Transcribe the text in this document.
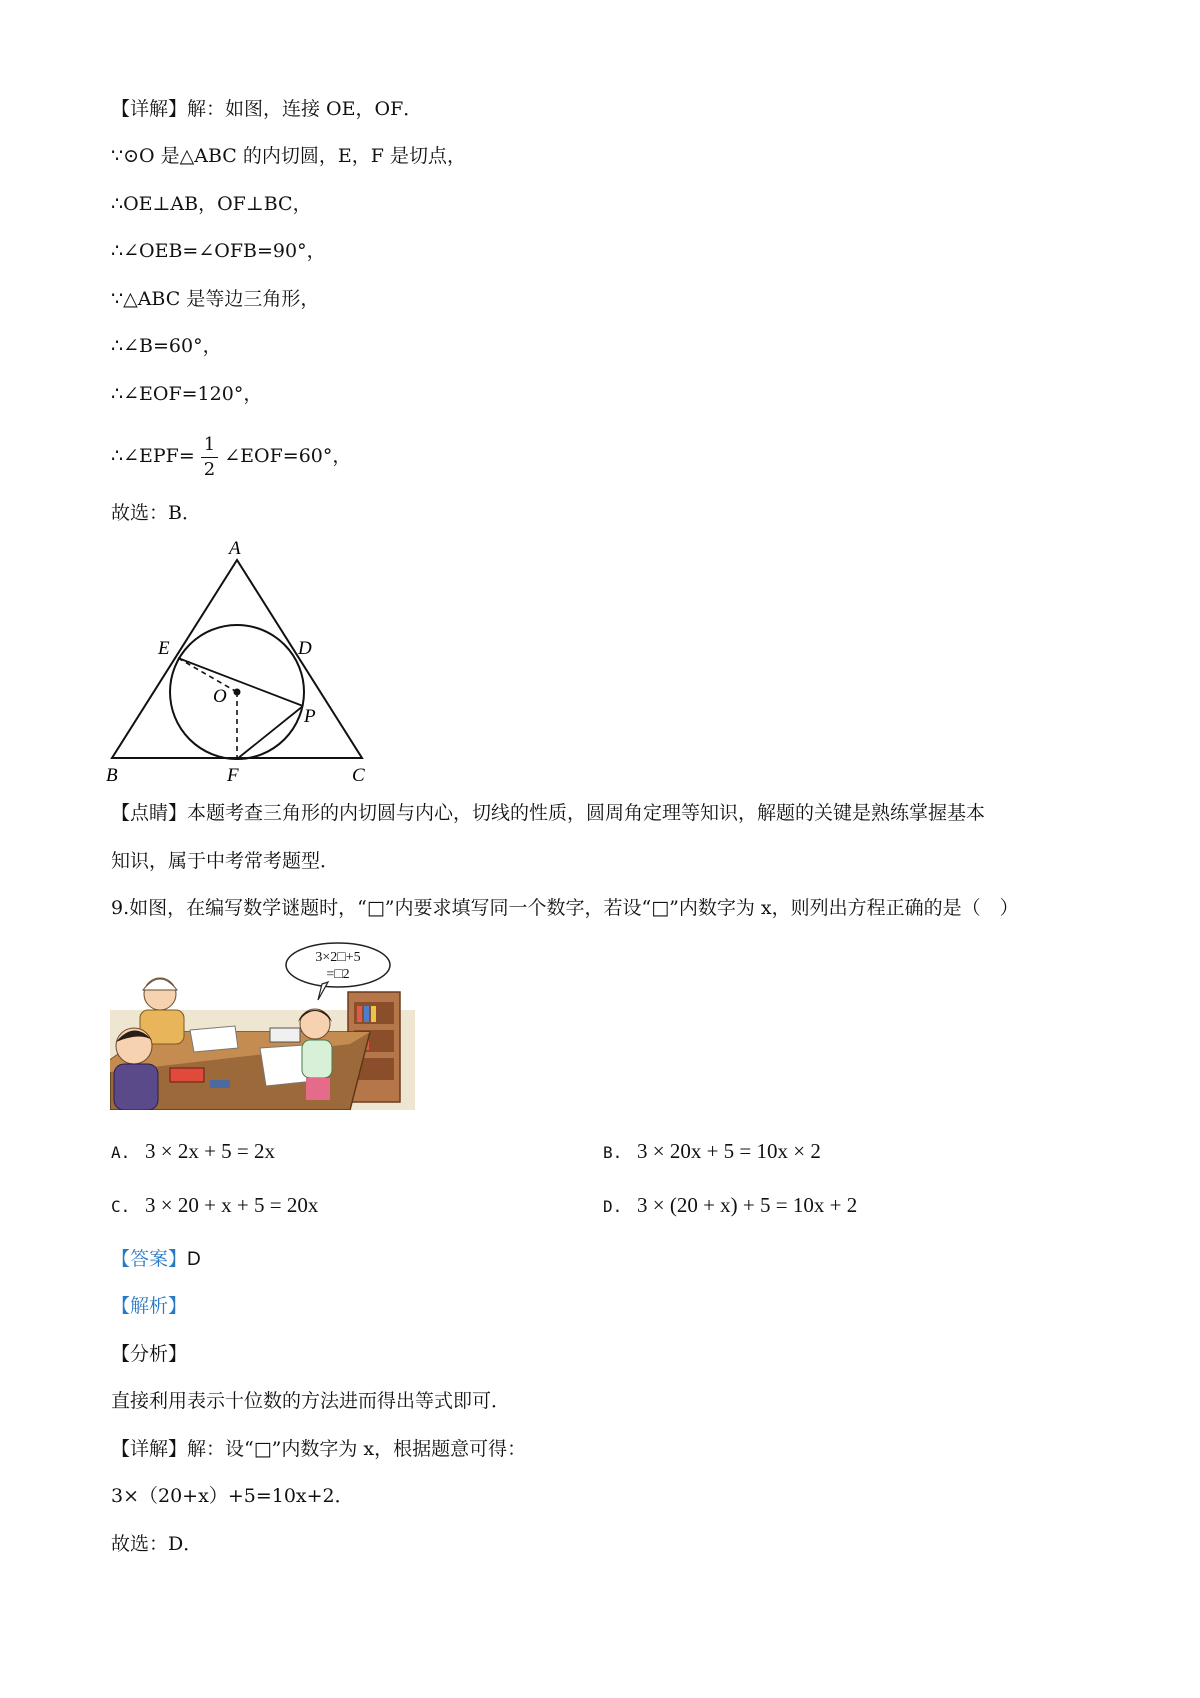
【详解】解：如图，连接 OE，OF．
∵⊙O 是△ABC 的内切圆，E，F 是切点，
∴OE⊥AB，OF⊥BC，
∴∠OEB=∠OFB=90°，
∵△ABC 是等边三角形，
∴∠B=60°，
∴∠EOF=120°，
∴∠EPF= $\frac{1}{2}$ ∠EOF=60°，
故选：B．
A
E	D
O
P
B	F	C
【点睛】本题考查三角形的内切圆与内心，切线的性质，圆周角定理等知识，解题的关键是熟练掌握基本
知识，属于中考常考题型．
9.如图，在编写数学谜题时，“□”内要求填写同一个数字，若设“□”内数字为 x，则列出方程正确的是（　）
3×2□+5
=□2
A. 3 × 2x + 5 = 2x	B. 3 × 20x + 5 = 10x × 2
C. 3 × 20 + x + 5 = 20x	D. 3 × (20 + x) + 5 = 10x + 2
【答案】D
【解析】
【分析】
直接利用表示十位数的方法进而得出等式即可．
【详解】解：设“□”内数字为 x，根据题意可得：
3×（20+x）+5=10x+2．
故选：D．
